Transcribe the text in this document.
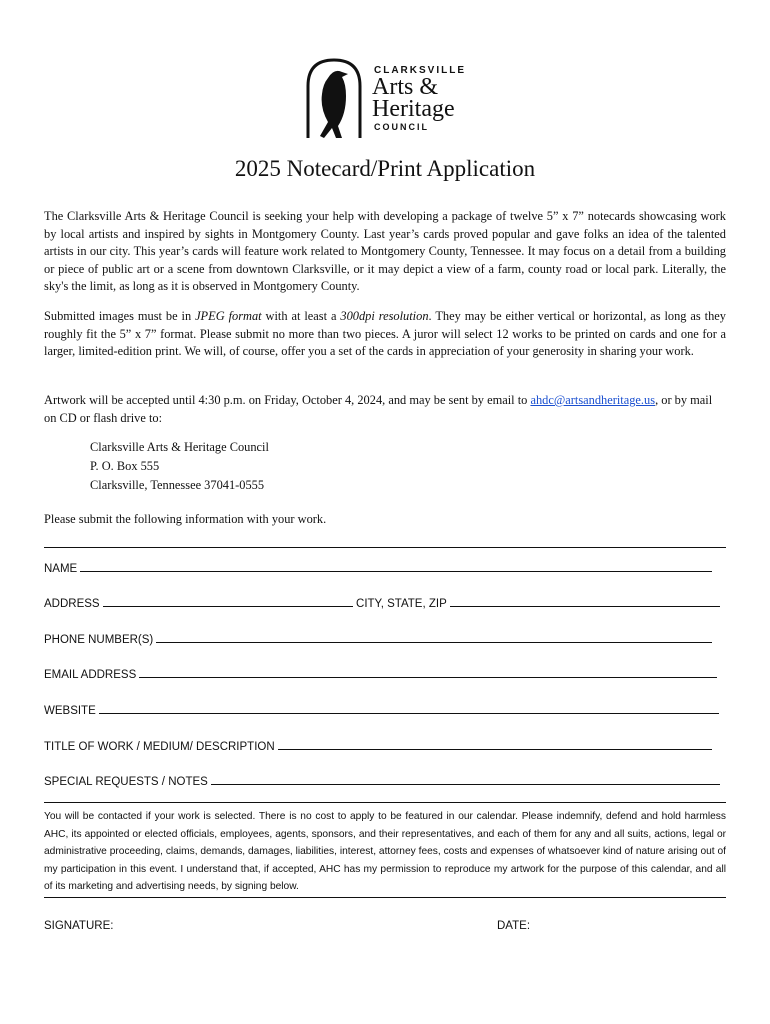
CLARKSVILLE
Arts &
Heritage
COUNCIL
2025 Notecard/Print Application

The Clarksville Arts & Heritage Council is seeking your help with developing a package of twelve 5” x 7” notecards showcasing work by local artists and inspired by sights in Montgomery County. Last year’s cards proved popular and gave folks an idea of the talented artists in our city. This year’s cards will feature work related to Montgomery County, Tennessee. It may focus on a detail from a building or piece of public art or a scene from downtown Clarksville, or it may depict a view of a farm, county road or local park. Literally, the sky's the limit, as long as it is observed in Montgomery County.

Submitted images must be in JPEG format with at least a 300dpi resolution. They may be either vertical or horizontal, as long as they roughly fit the 5” x 7” format. Please submit no more than two pieces. A juror will select 12 works to be printed on cards and one for a larger, limited-edition print. We will, of course, offer you a set of the cards in appreciation of your generosity in sharing your work.

Artwork will be accepted until 4:30 p.m. on Friday, October 4, 2024, and may be sent by email to ahdc@artsandheritage.us, or by mail on CD or flash drive to:

Clarksville Arts & Heritage Council
P. O. Box 555
Clarksville, Tennessee 37041-0555

Please submit the following information with your work.

NAME
ADDRESS	CITY, STATE, ZIP
PHONE NUMBER(S)
EMAIL ADDRESS
WEBSITE
TITLE OF WORK / MEDIUM/ DESCRIPTION
SPECIAL REQUESTS / NOTES

You will be contacted if your work is selected. There is no cost to apply to be featured in our calendar. Please indemnify, defend and hold harmless AHC, its appointed or elected officials, employees, agents, sponsors, and their representatives, and each of them for any and all suits, actions, legal or administrative proceeding, claims, demands, damages, liabilities, interest, attorney fees, costs and expenses of whatsoever kind of nature arising out of my participation in this event. I understand that, if accepted, AHC has my permission to reproduce my artwork for the purpose of this calendar, and all of its marketing and advertising needs, by signing below.

SIGNATURE:	DATE:
